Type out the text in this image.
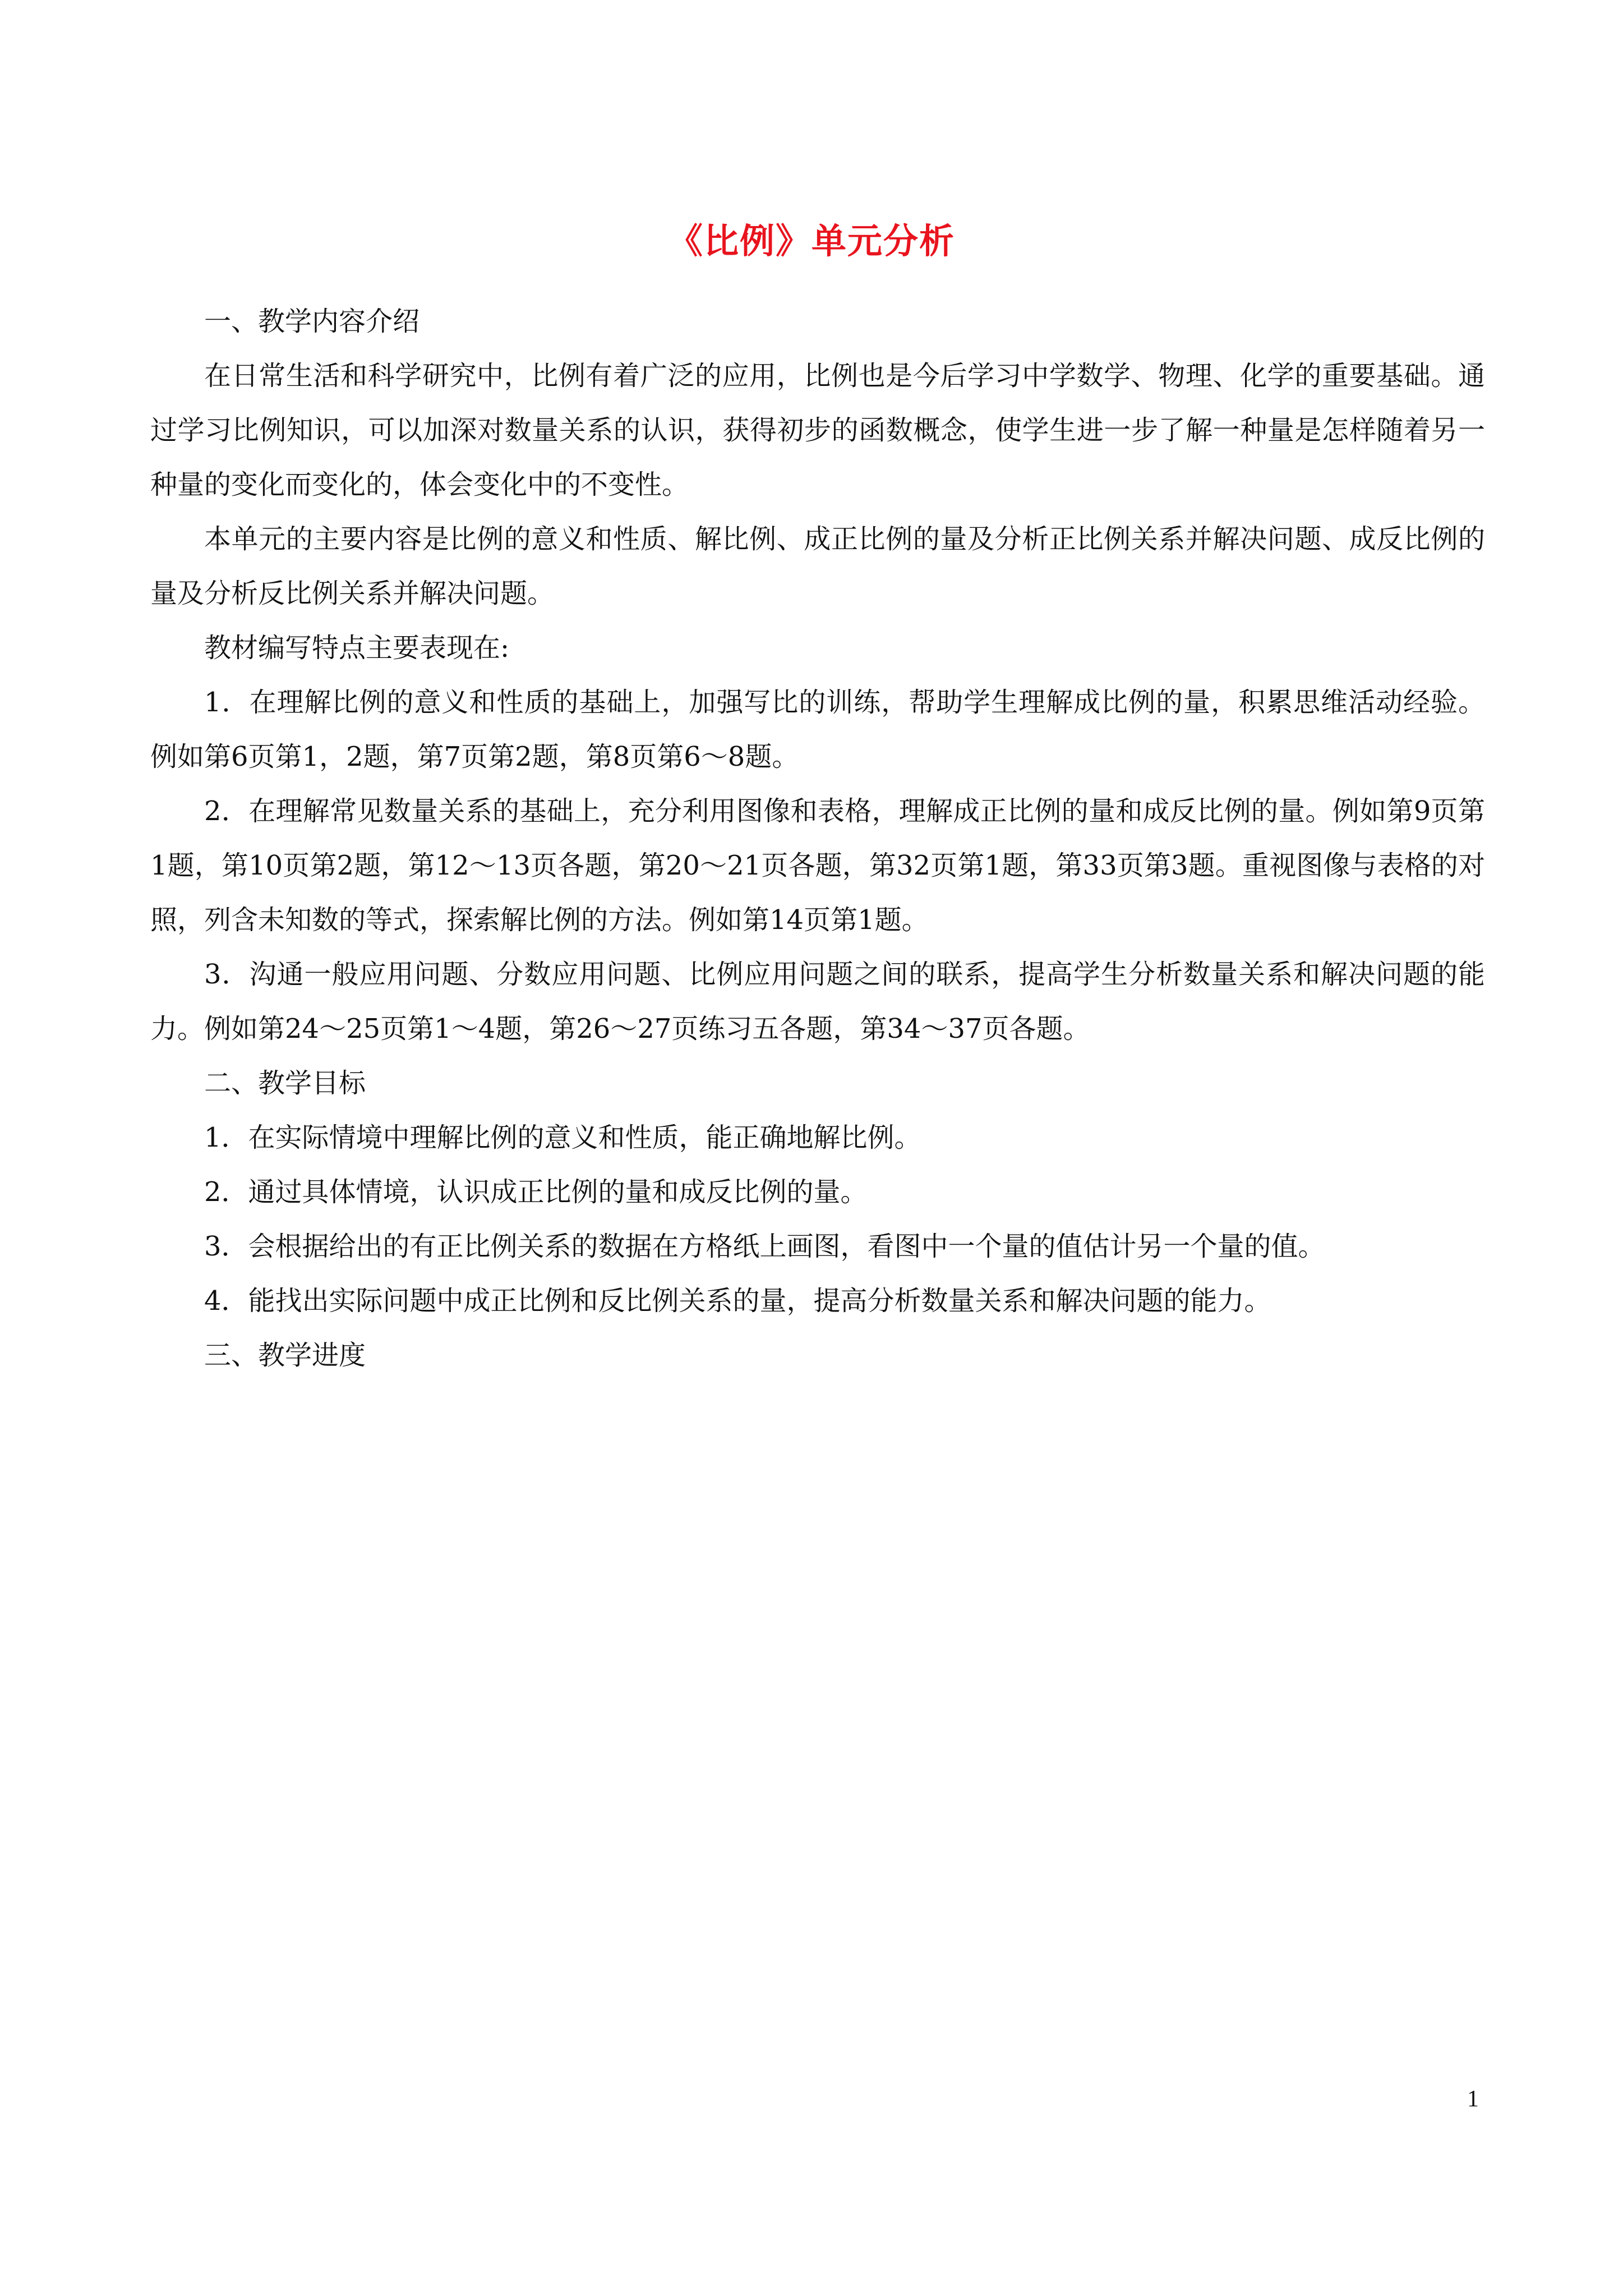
《比例》单元分析

一、教学内容介绍

在日常生活和科学研究中，比例有着广泛的应用，比例也是今后学习中学数学、物理、化学的重要基础。通过学习比例知识，可以加深对数量关系的认识，获得初步的函数概念，使学生进一步了解一种量是怎样随着另一种量的变化而变化的，体会变化中的不变性。

本单元的主要内容是比例的意义和性质、解比例、成正比例的量及分析正比例关系并解决问题、成反比例的量及分析反比例关系并解决问题。

教材编写特点主要表现在:

1．在理解比例的意义和性质的基础上，加强写比的训练，帮助学生理解成比例的量，积累思维活动经验。例如第6页第1，2题，第7页第2题，第8页第6～8题。

2．在理解常见数量关系的基础上，充分利用图像和表格，理解成正比例的量和成反比例的量。例如第9页第1题，第10页第2题，第12～13页各题，第20～21页各题，第32页第1题，第33页第3题。重视图像与表格的对照，列含未知数的等式，探索解比例的方法。例如第14页第1题。

3．沟通一般应用问题、分数应用问题、比例应用问题之间的联系，提高学生分析数量关系和解决问题的能力。例如第24～25页第1～4题，第26～27页练习五各题，第34～37页各题。

二、教学目标

1．在实际情境中理解比例的意义和性质，能正确地解比例。

2．通过具体情境，认识成正比例的量和成反比例的量。

3．会根据给出的有正比例关系的数据在方格纸上画图，看图中一个量的值估计另一个量的值。

4．能找出实际问题中成正比例和反比例关系的量，提高分析数量关系和解决问题的能力。

三、教学进度

1
